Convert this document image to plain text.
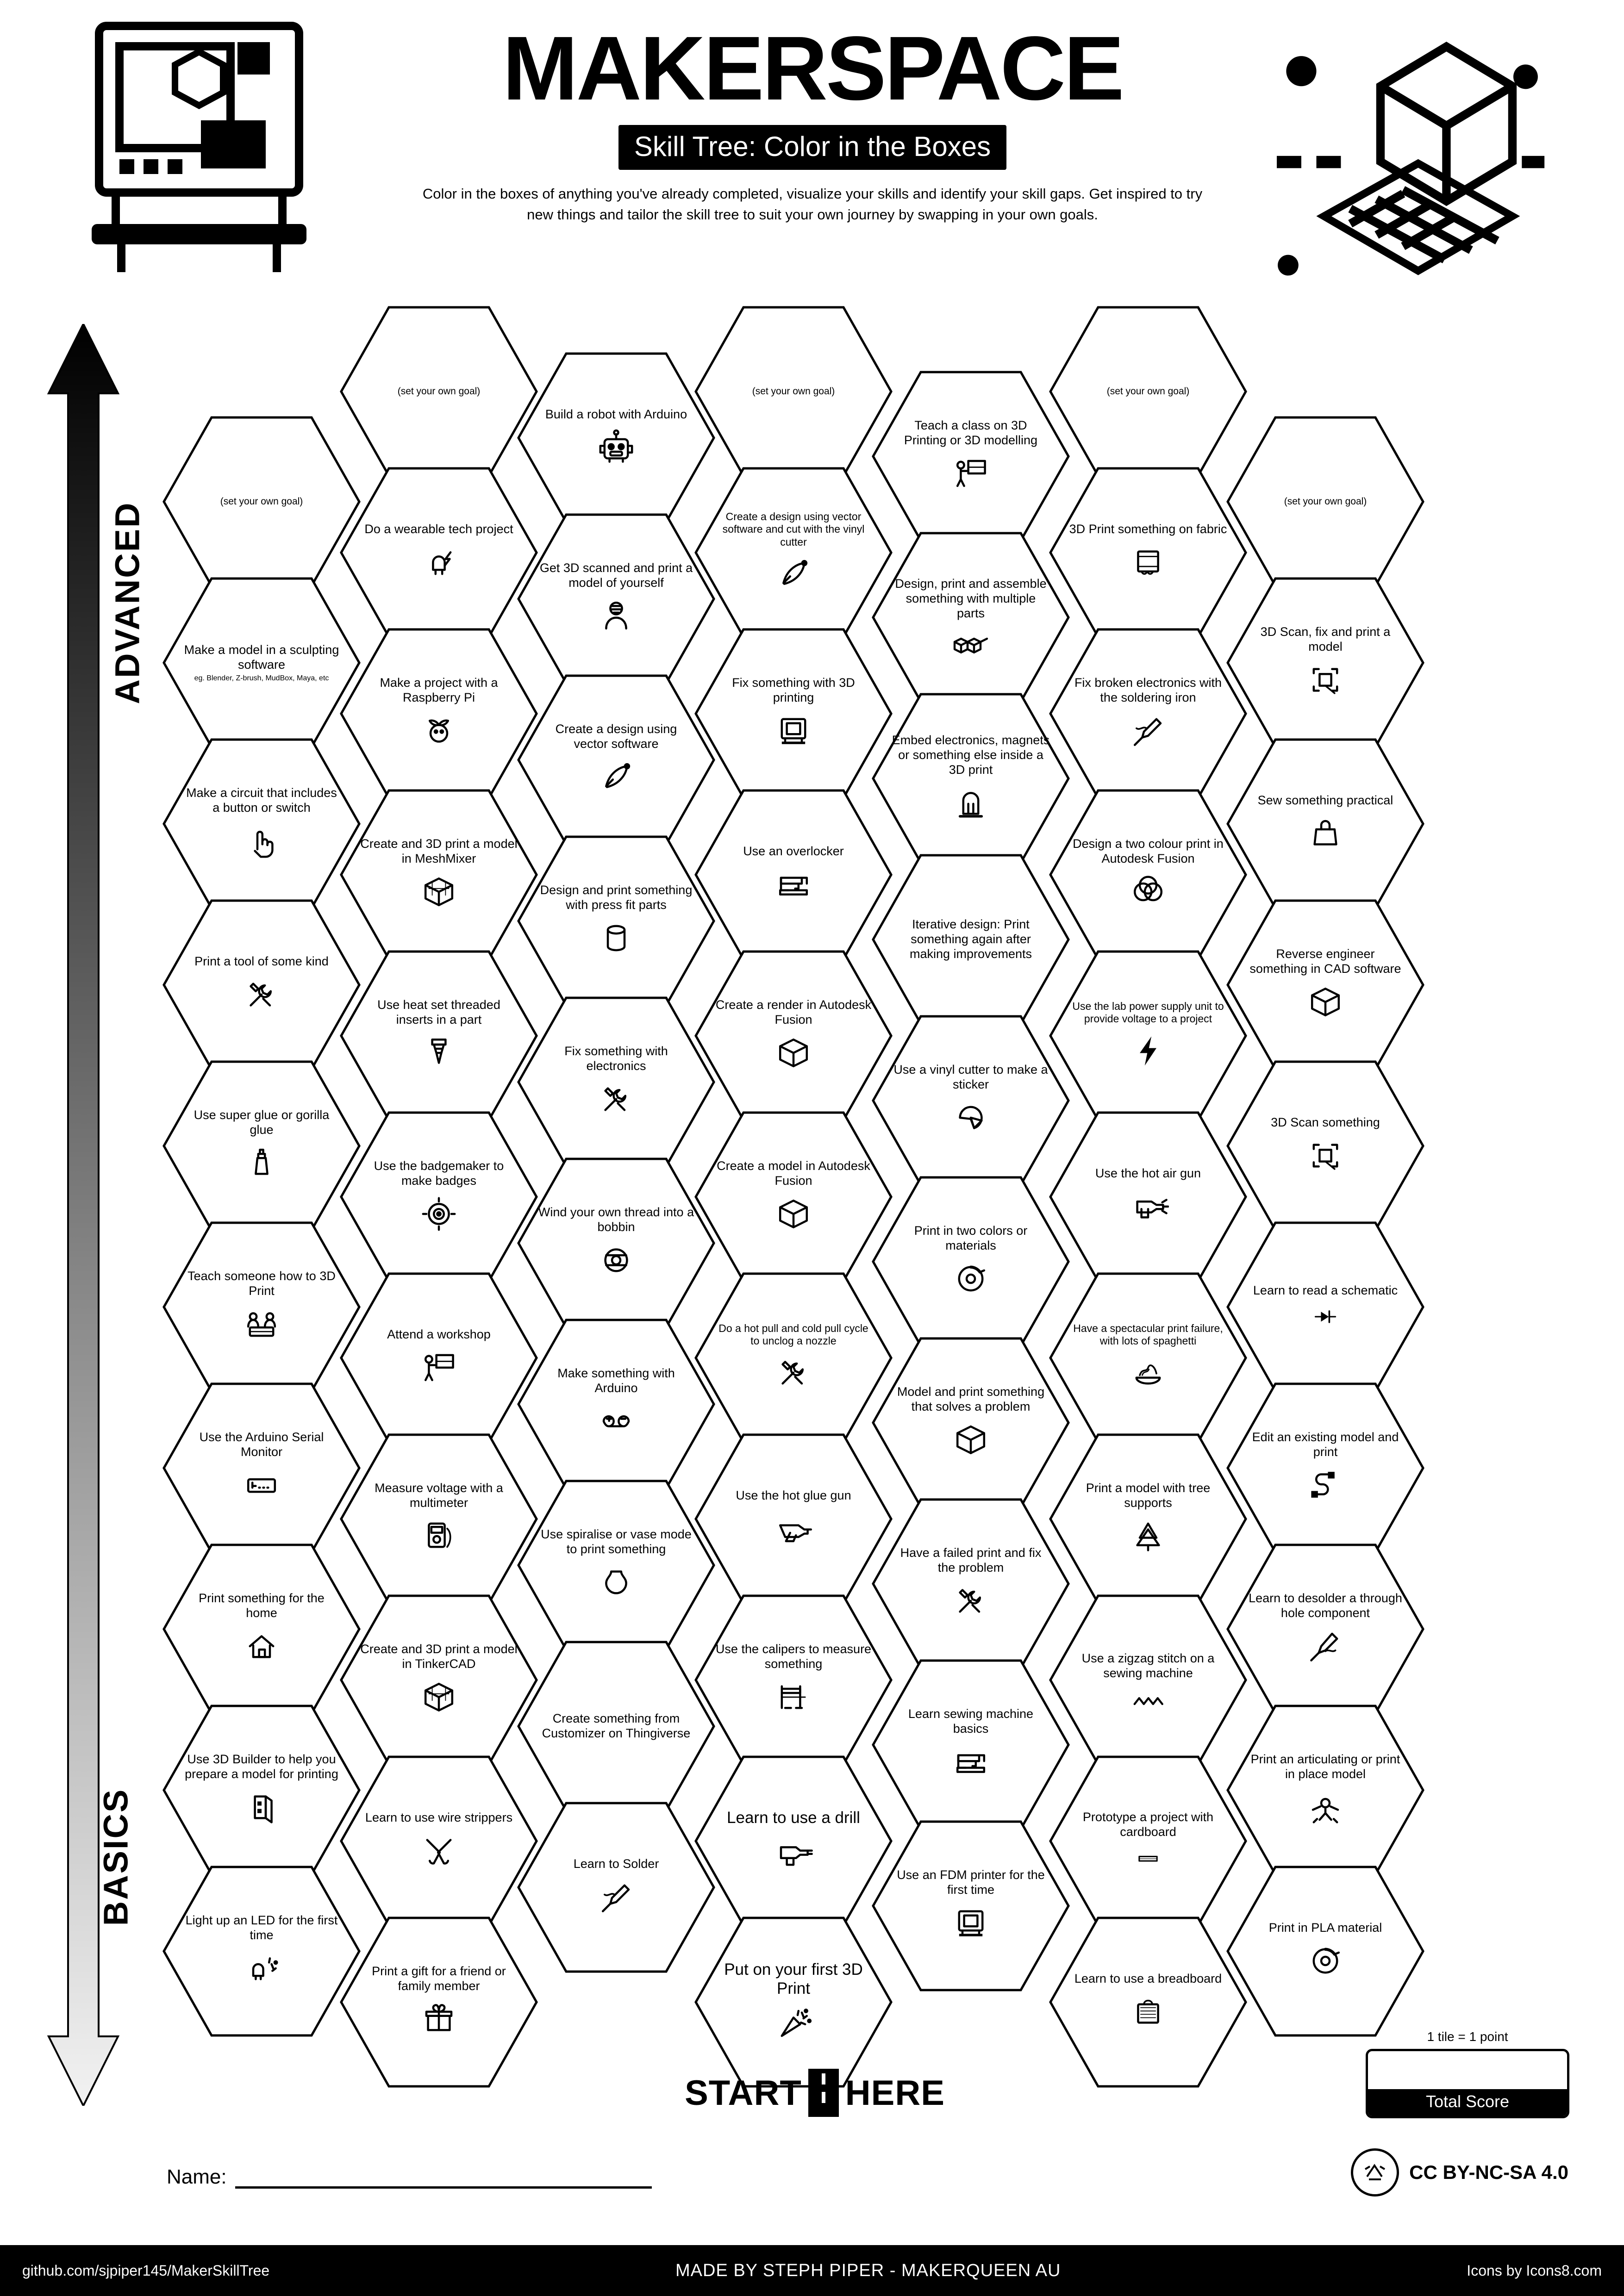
MAKERSPACE
Skill Tree: Color in the Boxes
Color in the boxes of anything you've already completed, visualize your skills and identify your skill gaps. Get inspired to try new things and tailor the skill tree to suit your own journey by swapping in your own goals.
ADVANCED
BASICS
(set your own goal)
Make a model in a sculpting software
eg. Blender, Z-brush, MudBox, Maya, etc
Make a circuit that includes a button or switch
Print a tool of some kind
Use super glue or gorilla glue
Teach someone how to 3D Print
Use the Arduino Serial Monitor
Print something for the home
Use 3D Builder to help you prepare a model for printing
Light up an LED for the first time
(set your own goal)
Do a wearable tech project
Make a project with a Raspberry Pi
Create and 3D print a model in MeshMixer
Use heat set threaded inserts in a part
Use the badgemaker to make badges
Attend a workshop
Measure voltage with a multimeter
Create and 3D print a model in TinkerCAD
Learn to use wire strippers
Print a gift for a friend or family member
Build a robot with Arduino
Get 3D scanned and print a model of yourself
Create a design using vector software
Design and print something with press fit parts
Fix something with electronics
Wind your own thread into a bobbin
Make something with Arduino
Use spiralise or vase mode to print something
Create something from Customizer on Thingiverse
Learn to Solder
(set your own goal)
Create a design using vector software and cut with the vinyl cutter
Fix something with 3D printing
Use an overlocker
Create a render in Autodesk Fusion
Create a model in Autodesk Fusion
Do a hot pull and cold pull cycle to unclog a nozzle
Use the hot glue gun
Use the calipers to measure something
Learn to use a drill
Put on your first 3D Print
Teach a class on 3D Printing or 3D modelling
Design, print and assemble something with multiple parts
Embed electronics, magnets or something else inside a 3D print
Iterative design: Print something again after making improvements
Use a vinyl cutter to make a sticker
Print in two colors or materials
Model and print something that solves a problem
Have a failed print and fix the problem
Learn sewing machine basics
Use an FDM printer for the first time
(set your own goal)
3D Print something on fabric
Fix broken electronics with the soldering iron
Design a two colour print in Autodesk Fusion
Use the lab power supply unit to provide voltage to a project
Use the hot air gun
Have a spectacular print failure, with lots of spaghetti
Print a model with tree supports
Use a zigzag stitch on a sewing machine
Prototype a project with cardboard
Learn to use a breadboard
(set your own goal)
3D Scan, fix and print a model
Sew something practical
Reverse engineer something in CAD software
3D Scan something
Learn to read a schematic
Edit an existing model and print
Learn to desolder a through hole component
Print an articulating or print in place model
Print in PLA material
START HERE
1 tile = 1 point
Total Score
Name:	CC BY-NC-SA 4.0
github.com/sjpiper145/MakerSkillTree	MADE BY STEPH PIPER - MAKERQUEEN AU	Icons by Icons8.com
